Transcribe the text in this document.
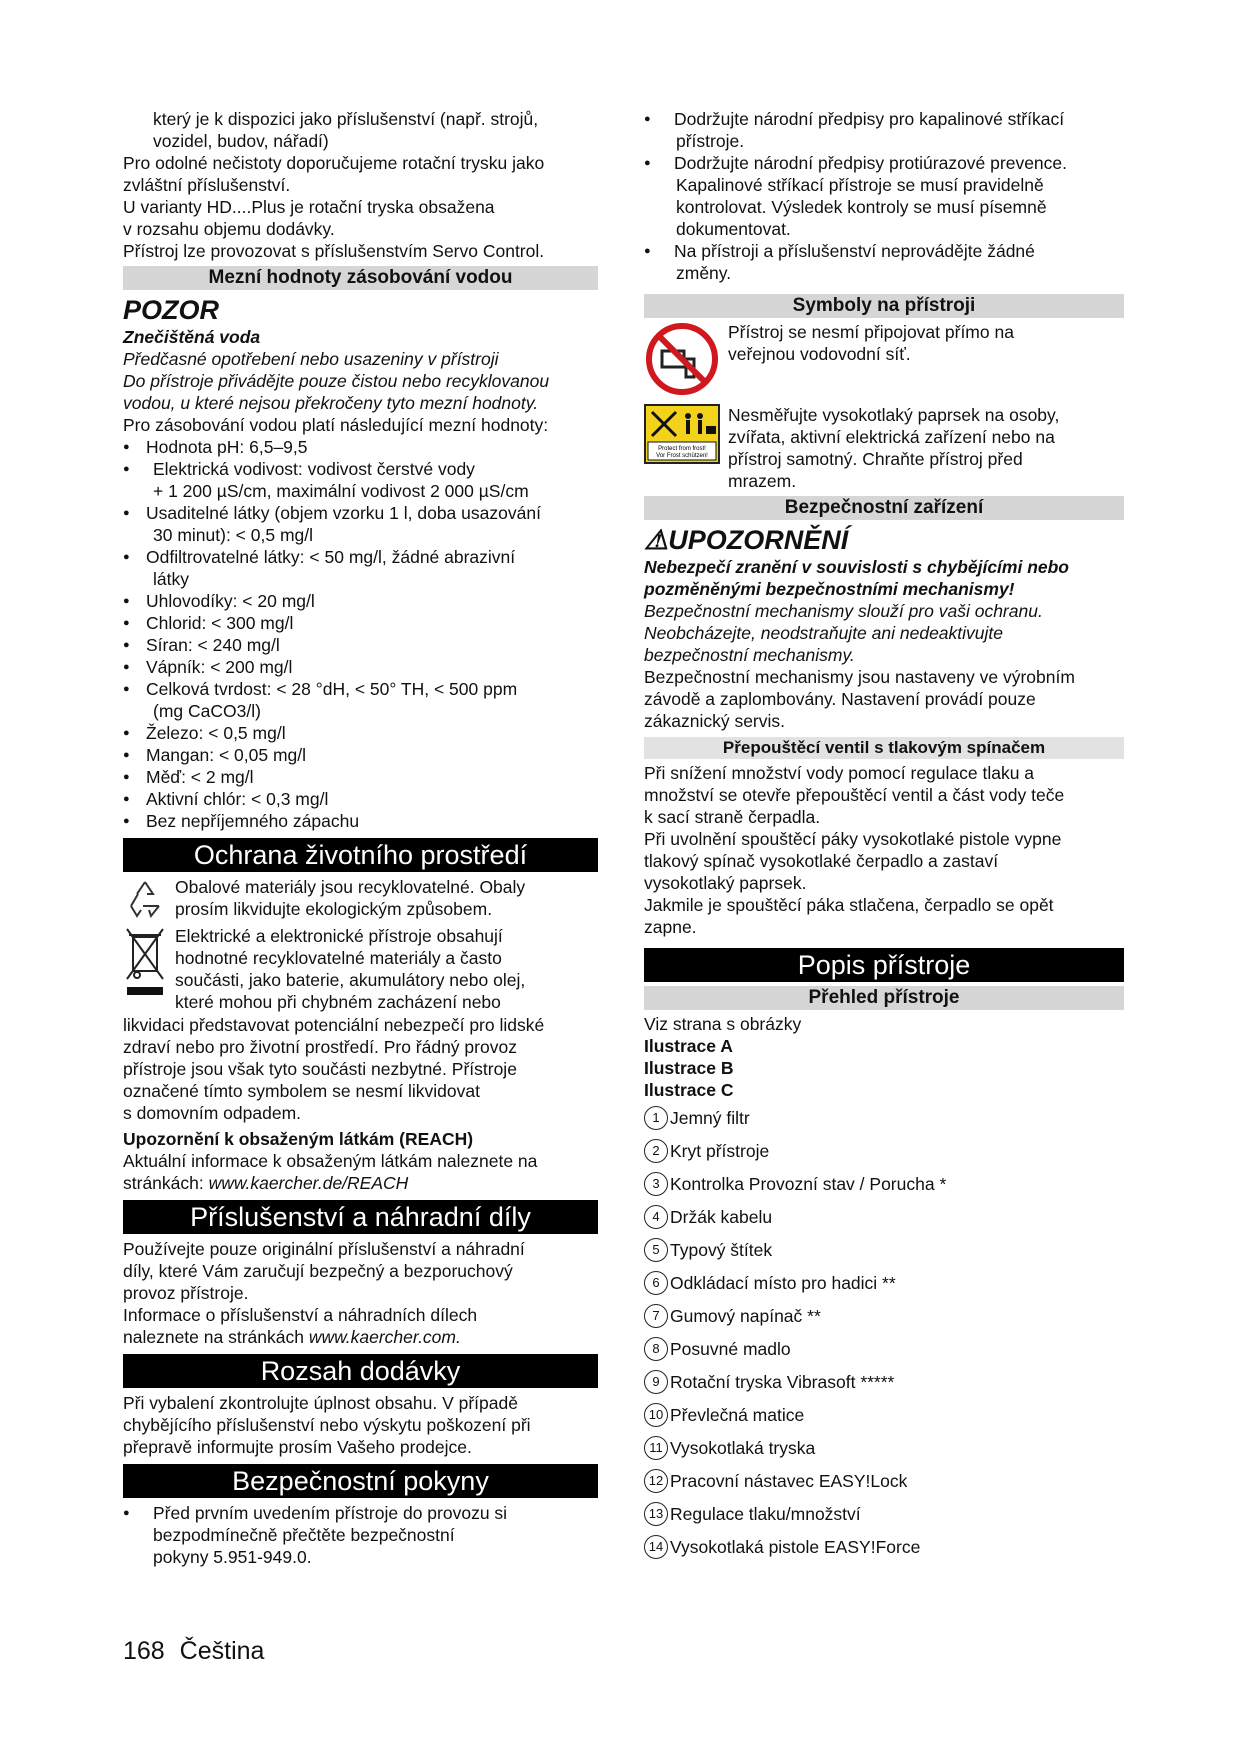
který je k dispozici jako příslušenství (např. strojů,

vozidel, budov, nářadí)

Pro odolné nečistoty doporučujeme rotační trysku jako

zvláštní příslušenství.

U varianty HD....Plus je rotační tryska obsažena

v rozsahu objemu dodávky.

Přístroj lze provozovat s příslušenstvím Servo Control.

Mezní hodnoty zásobování vodou
POZOR

Znečištěná voda

Předčasné opotřebení nebo usazeniny v přístroji

Do přístroje přivádějte pouze čistou nebo recyklovanou

vodou, u které nejsou překročeny tyto mezní hodnoty.

Pro zásobování vodou platí následující mezní hodnoty:

● Hodnota pH: 6,5–9,5
● Elektrická vodivost: vodivost čerstvé vody
+ 1 200 µS/cm, maximální vodivost 2 000 µS/cm
● Usaditelné látky (objem vzorku 1 l, doba usazování
30 minut): < 0,5 mg/l
● Odfiltrovatelné látky: < 50 mg/l, žádné abrazivní
látky
● Uhlovodíky: < 20 mg/l
● Chlorid: < 300 mg/l
● Síran: < 240 mg/l
● Vápník: < 200 mg/l
● Celková tvrdost: < 28 °dH, < 50° TH, < 500 ppm
(mg CaCO3/l)
● Železo: < 0,5 mg/l
● Mangan: < 0,05 mg/l
● Měď: < 2 mg/l
● Aktivní chlór: < 0,3 mg/l
● Bez nepříjemného zápachu
Ochrana životního prostředí

Obalové materiály jsou recyklovatelné. Obaly

prosím likvidujte ekologickým způsobem.

Elektrické a elektronické přístroje obsahují

hodnotné recyklovatelné materiály a často

součásti, jako baterie, akumulátory nebo olej,

které mohou při chybném zacházení nebo

likvidaci představovat potenciální nebezpečí pro lidské

zdraví nebo pro životní prostředí. Pro řádný provoz

přístroje jsou však tyto součásti nezbytné. Přístroje

označené tímto symbolem se nesmí likvidovat

s domovním odpadem.

Upozornění k obsaženým látkám (REACH)

Aktuální informace k obsaženým látkám naleznete na

stránkách: www.kaercher.de/REACH

Příslušenství a náhradní díly

Používejte pouze originální příslušenství a náhradní

díly, které Vám zaručují bezpečný a bezporuchový

provoz přístroje.

Informace o příslušenství a náhradních dílech

naleznete na stránkách www.kaercher.com.

Rozsah dodávky

Při vybalení zkontrolujte úplnost obsahu. V případě

chybějícího příslušenství nebo výskytu poškození při

přepravě informujte prosím Vašeho prodejce.

Bezpečnostní pokyny
● Před prvním uvedením přístroje do provozu si
bezpodmínečně přečtěte bezpečnostní
pokyny 5.951-949.0.
● Dodržujte národní předpisy pro kapalinové stříkací
přístroje.
● Dodržujte národní předpisy protiúrazové prevence.
Kapalinové stříkací přístroje se musí pravidelně
kontrolovat. Výsledek kontroly se musí písemně
dokumentovat.
● Na přístroji a příslušenství neprovádějte žádné
změny.
Symboly na přístroji

Přístroj se nesmí připojovat přímo na

veřejnou vodovodní síť.

Protect from frost!
Vor Frost schützen!

Nesměřujte vysokotlaký paprsek na osoby,

zvířata, aktivní elektrická zařízení nebo na

přístroj samotný. Chraňte přístroj před

mrazem.

Bezpečnostní zařízení
⚠UPOZORNĚNÍ

Nebezpečí zranění v souvislosti s chybějícími nebo

pozměněnými bezpečnostními mechanismy!

Bezpečnostní mechanismy slouží pro vaši ochranu.

Neobcházejte, neodstraňujte ani nedeaktivujte

bezpečnostní mechanismy.

Bezpečnostní mechanismy jsou nastaveny ve výrobním

závodě a zaplombovány. Nastavení provádí pouze

zákaznický servis.

Přepouštěcí ventil s tlakovým spínačem

Při snížení množství vody pomocí regulace tlaku a

množství se otevře přepouštěcí ventil a část vody teče

k sací straně čerpadla.

Při uvolnění spouštěcí páky vysokotlaké pistole vypne

tlakový spínač vysokotlaké čerpadlo a zastaví

vysokotlaký paprsek.

Jakmile je spouštěcí páka stlačena, čerpadlo se opět

zapne.

Popis přístroje
Přehled přístroje

Viz strana s obrázky

Ilustrace A

Ilustrace B

Ilustrace C

1 Jemný filtr
2 Kryt přístroje
3 Kontrolka Provozní stav / Porucha *
4 Držák kabelu
5 Typový štítek
6 Odkládací místo pro hadici **
7 Gumový napínač **
8 Posuvné madlo
9 Rotační tryska Vibrasoft *****
10 Převlečná matice
11 Vysokotlaká tryska
12 Pracovní nástavec EASY!Lock
13 Regulace tlaku/množství
14 Vysokotlaká pistole EASY!Force
168 Čeština
